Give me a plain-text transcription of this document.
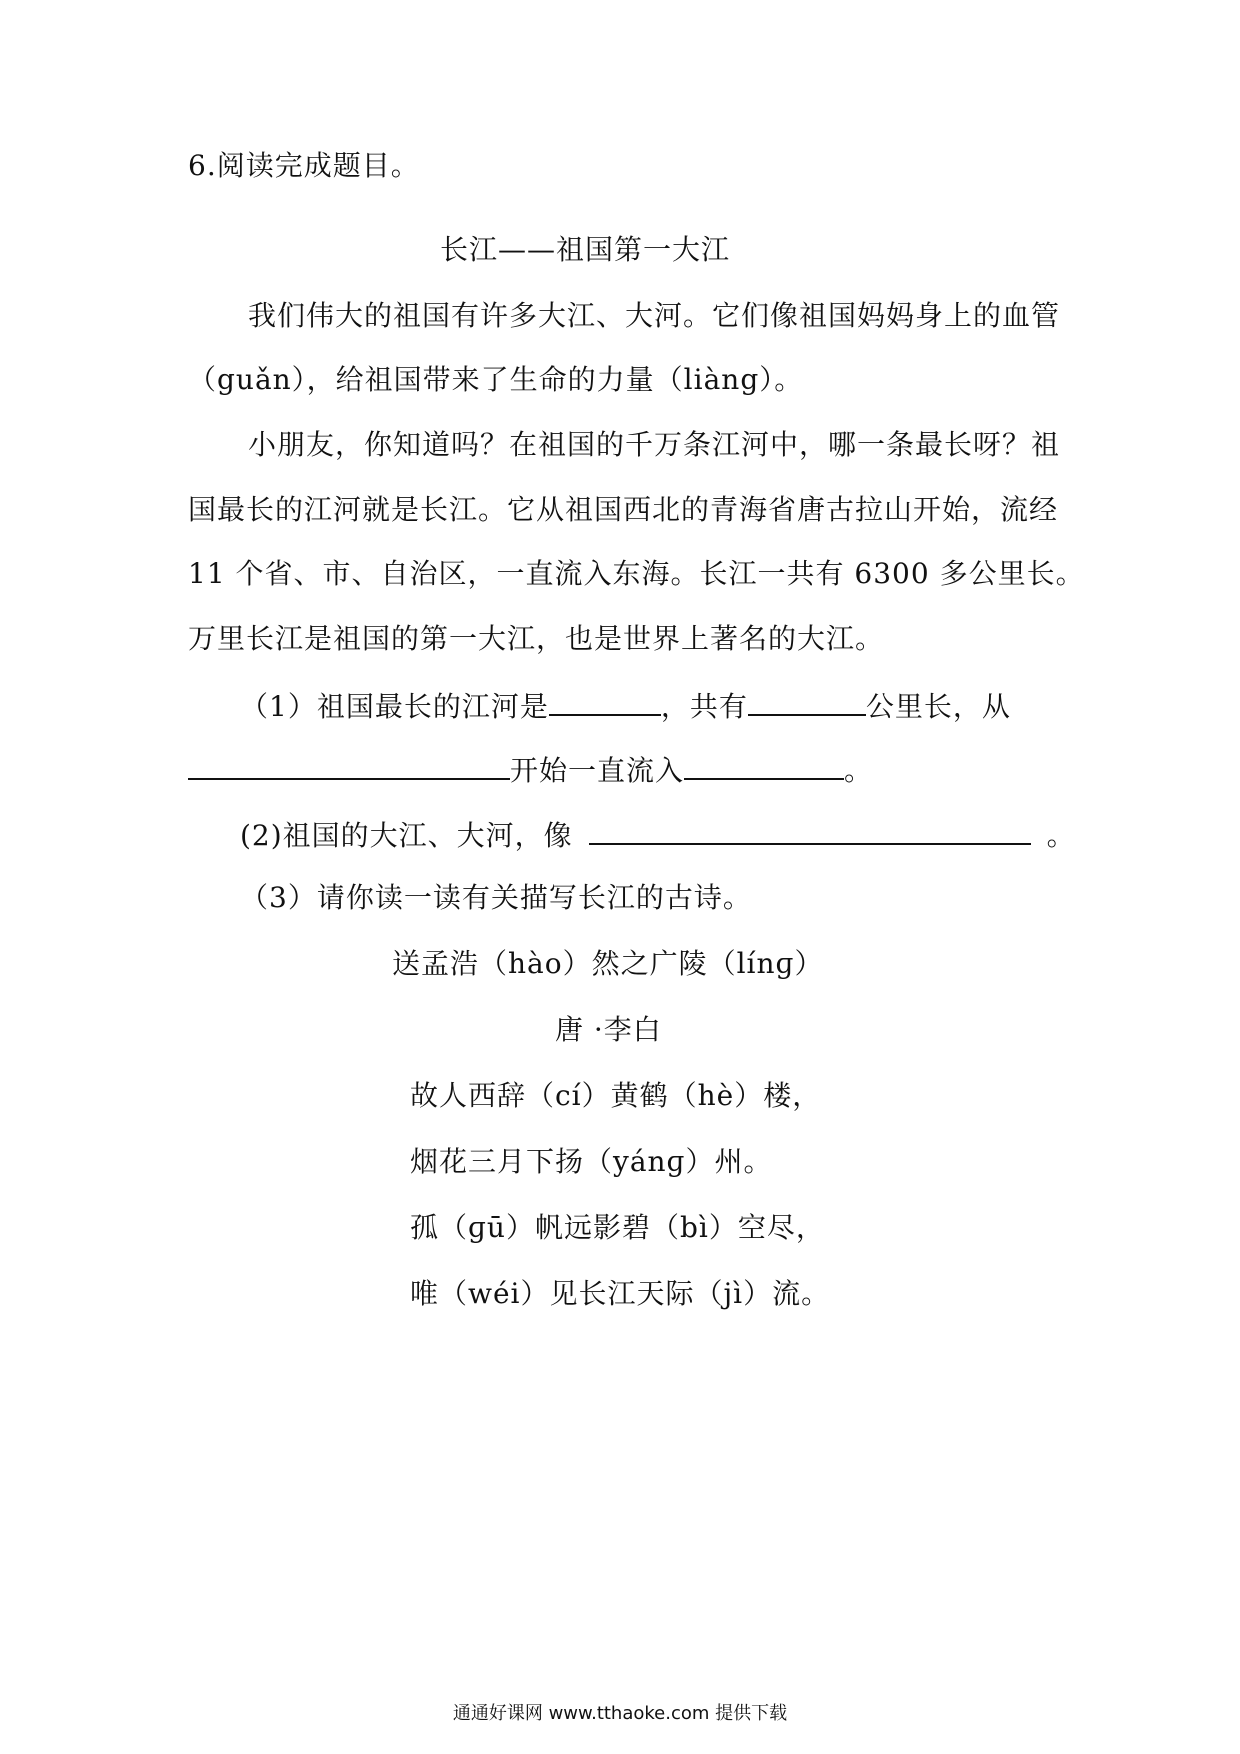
6.阅读完成题目。
长江——祖国第一大江
我们伟大的祖国有许多大江、大河。它们像祖国妈妈身上的血管
（guǎn），给祖国带来了生命的力量（liàng）。
小朋友，你知道吗？在祖国的千万条江河中，哪一条最长呀？祖
国最长的江河就是长江。它从祖国西北的青海省唐古拉山开始，流经
11 个省、市、自治区，一直流入东海。长江一共有 6300 多公里长。
万里长江是祖国的第一大江，也是世界上著名的大江。
（1）祖国最长的江河是	，共有	公里长，从
开始一直流入	。
(2)祖国的大江、大河，像	。
（3）请你读一读有关描写长江的古诗。
送孟浩（hào）然之广陵（línɡ）
唐 ·李白
故人西辞（cí）黄鹤（hè）楼，
烟花三月下扬（yánɡ）州。
孤（ɡū）帆远影碧（bì）空尽，
唯（wéi）见长江天际（jì）流。
通通好课网 www.tthaoke.com 提供下载
